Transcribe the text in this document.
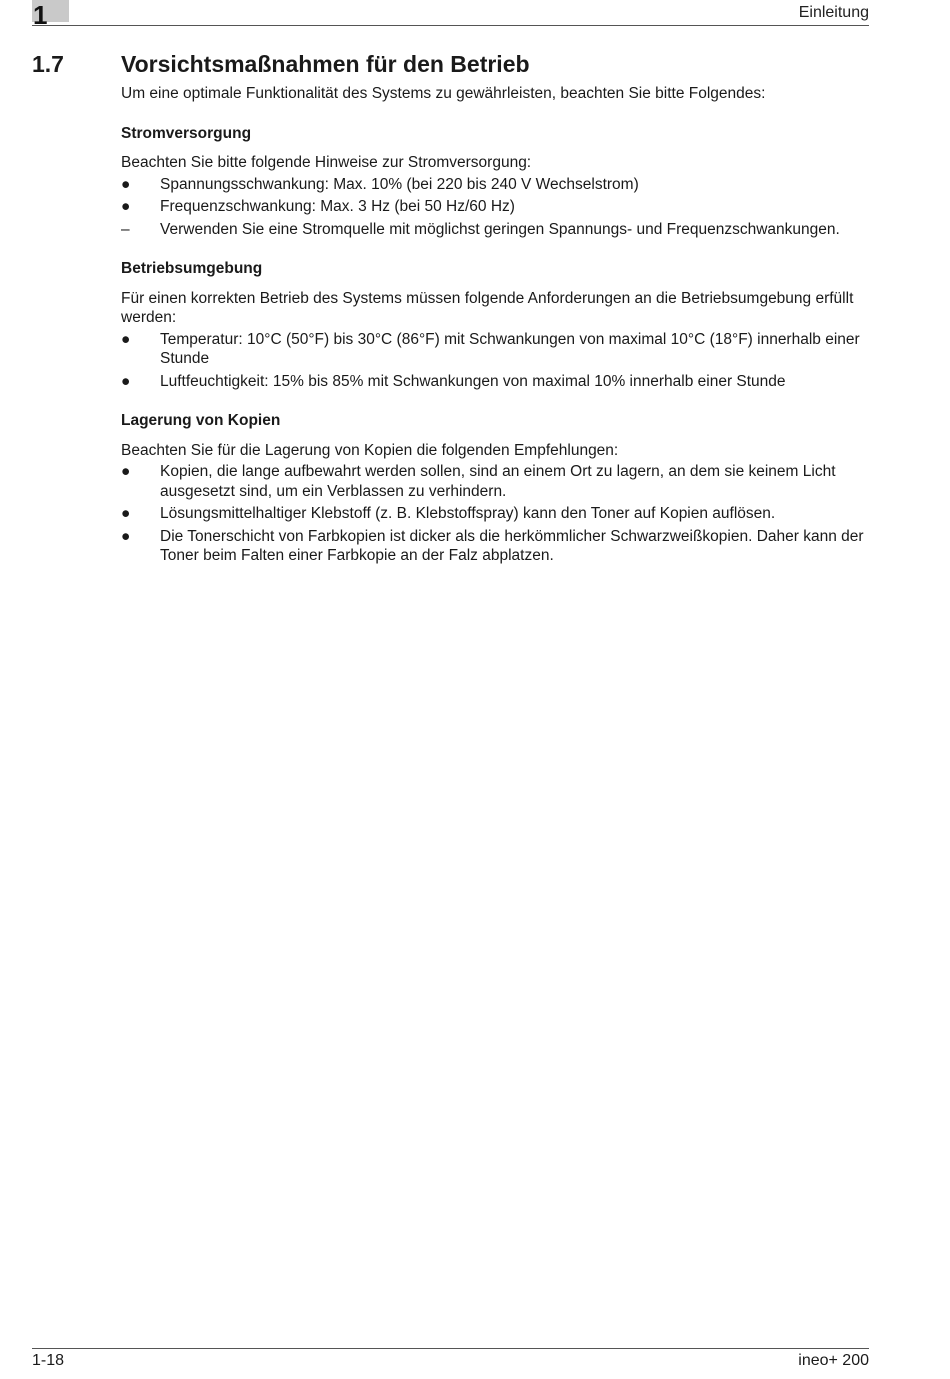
1	Einleitung
1.7 Vorsichtsmaßnahmen für den Betrieb

Um eine optimale Funktionalität des Systems zu gewährleisten, beachten Sie bitte Folgendes:

Stromversorgung

Beachten Sie bitte folgende Hinweise zur Stromversorgung:

●	Spannungsschwankung: Max. 10% (bei 220 bis 240 V Wechselstrom)
●	Frequenzschwankung: Max. 3 Hz (bei 50 Hz/60 Hz)
–	Verwenden Sie eine Stromquelle mit möglichst geringen Spannungs- und Frequenzschwankungen.

Betriebsumgebung

Für einen korrekten Betrieb des Systems müssen folgende Anforderungen an die Betriebsumgebung erfüllt werden:

●	Temperatur: 10°C (50°F) bis 30°C (86°F) mit Schwankungen von maximal 10°C (18°F) innerhalb einer Stunde
●	Luftfeuchtigkeit: 15% bis 85% mit Schwankungen von maximal 10% innerhalb einer Stunde

Lagerung von Kopien

Beachten Sie für die Lagerung von Kopien die folgenden Empfehlungen:

●	Kopien, die lange aufbewahrt werden sollen, sind an einem Ort zu lagern, an dem sie keinem Licht ausgesetzt sind, um ein Verblassen zu verhindern.
●	Lösungsmittelhaltiger Klebstoff (z. B. Klebstoffspray) kann den Toner auf Kopien auflösen.
●	Die Tonerschicht von Farbkopien ist dicker als die herkömmlicher Schwarzweißkopien. Daher kann der Toner beim Falten einer Farbkopie an der Falz abplatzen.
1-18	ineo+ 200
